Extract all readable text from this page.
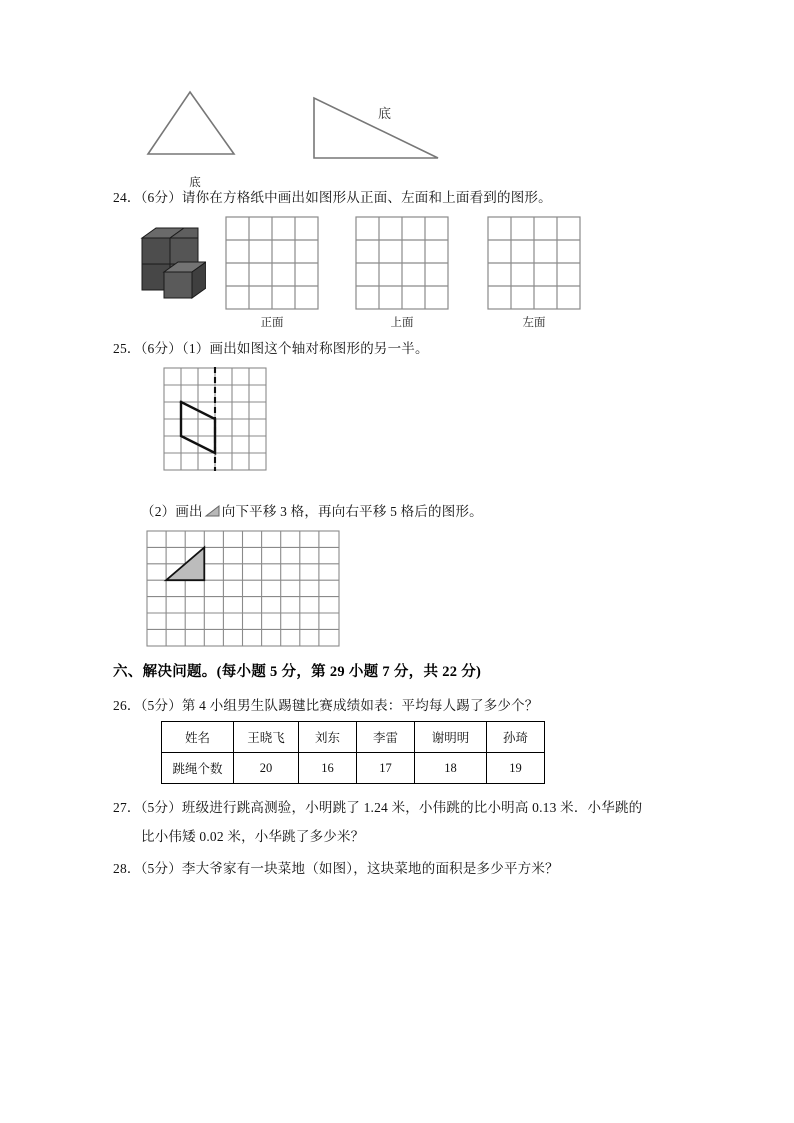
底
底
24．（6分）请你在方格纸中画出如图形从正面、左面和上面看到的图形。
正面	上面	左面
25．（6分）（1）画出如图这个轴对称图形的另一半。
（2）画出 向下平移 3 格，再向右平移 5 格后的图形。
六、解决问题。(每小题 5 分，第 29 小题 7 分，共 22 分)
26．（5分）第 4 小组男生队踢毽比赛成绩如表：平均每人踢了多少个？
姓名	王晓飞	刘东	李雷	谢明明	孙琦
跳绳个数	20	16	17	18	19
27．（5分）班级进行跳高测验，小明跳了 1.24 米，小伟跳的比小明高 0.13 米．小华跳的
比小伟矮 0.02 米，小华跳了多少米？
28．（5分）李大爷家有一块菜地（如图），这块菜地的面积是多少平方米？
